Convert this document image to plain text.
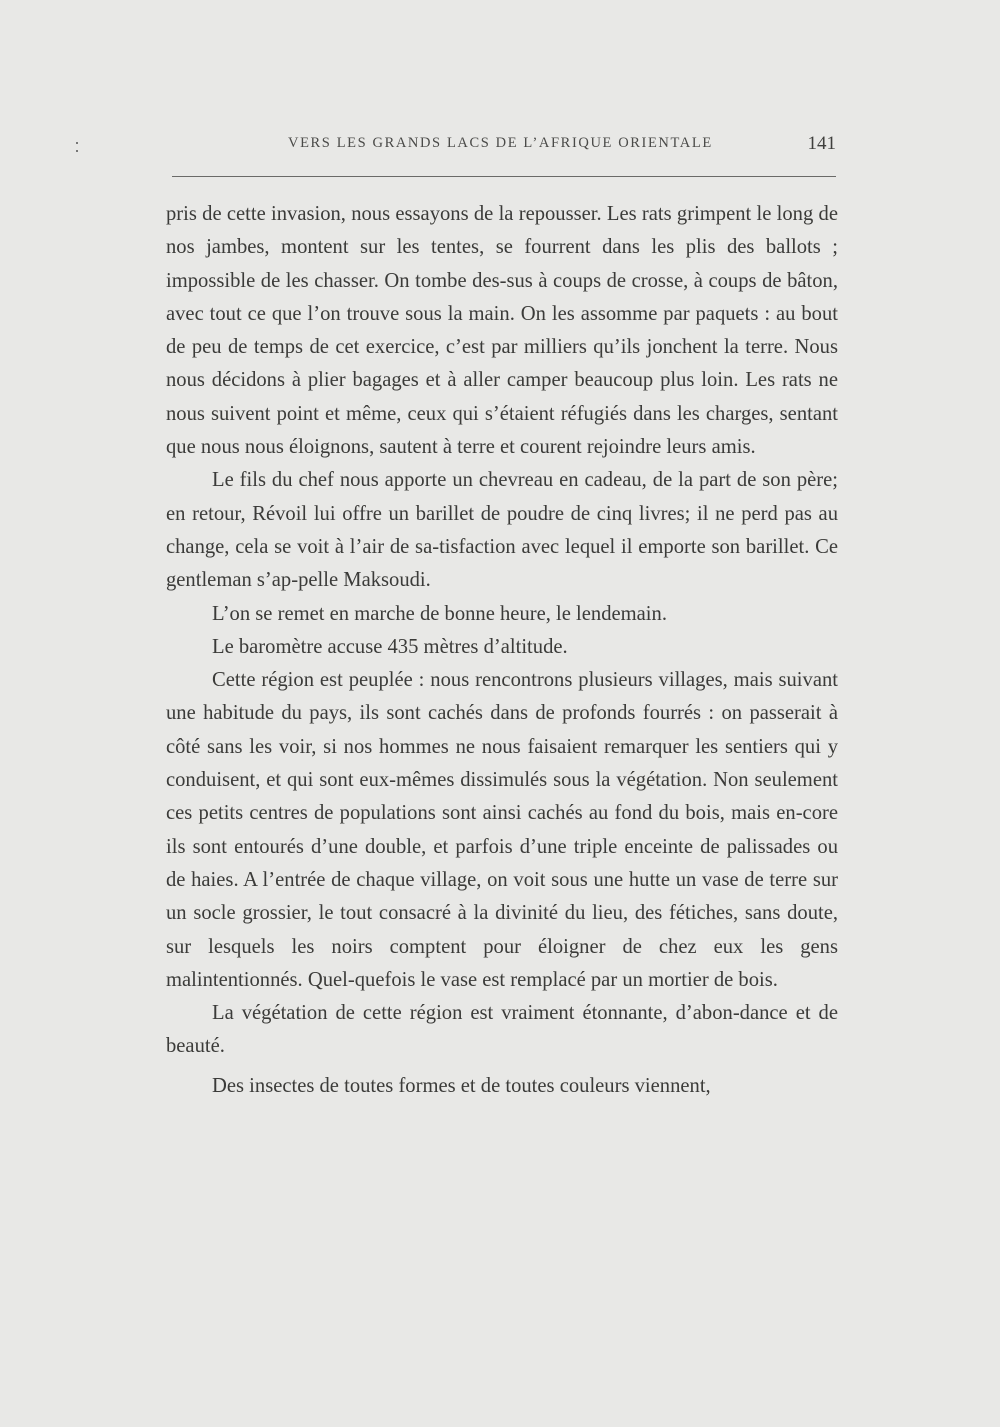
VERS LES GRANDS LACS DE L’AFRIQUE ORIENTALE	141

pris de cette invasion, nous essayons de la repousser. Les rats grimpent le long de nos jambes, montent sur les tentes, se fourrent dans les plis des ballots ; impossible de les chasser. On tombe des-sus à coups de crosse, à coups de bâton, avec tout ce que l’on trouve sous la main. On les assomme par paquets : au bout de peu de temps de cet exercice, c’est par milliers qu’ils jonchent la terre. Nous nous décidons à plier bagages et à aller camper beaucoup plus loin. Les rats ne nous suivent point et même, ceux qui s’étaient réfugiés dans les charges, sentant que nous nous éloignons, sautent à terre et courent rejoindre leurs amis.

Le fils du chef nous apporte un chevreau en cadeau, de la part de son père; en retour, Révoil lui offre un barillet de poudre de cinq livres; il ne perd pas au change, cela se voit à l’air de sa-tisfaction avec lequel il emporte son barillet. Ce gentleman s’ap-pelle Maksoudi.

L’on se remet en marche de bonne heure, le lendemain.

Le baromètre accuse 435 mètres d’altitude.

Cette région est peuplée : nous rencontrons plusieurs villages, mais suivant une habitude du pays, ils sont cachés dans de profonds fourrés : on passerait à côté sans les voir, si nos hommes ne nous faisaient remarquer les sentiers qui y conduisent, et qui sont eux-mêmes dissimulés sous la végétation. Non seulement ces petits centres de populations sont ainsi cachés au fond du bois, mais en-core ils sont entourés d’une double, et parfois d’une triple enceinte de palissades ou de haies. A l’entrée de chaque village, on voit sous une hutte un vase de terre sur un socle grossier, le tout consacré à la divinité du lieu, des fétiches, sans doute, sur lesquels les noirs comptent pour éloigner de chez eux les gens malintentionnés. Quel-quefois le vase est remplacé par un mortier de bois.

La végétation de cette région est vraiment étonnante, d’abon-dance et de beauté.

Des insectes de toutes formes et de toutes couleurs viennent,
